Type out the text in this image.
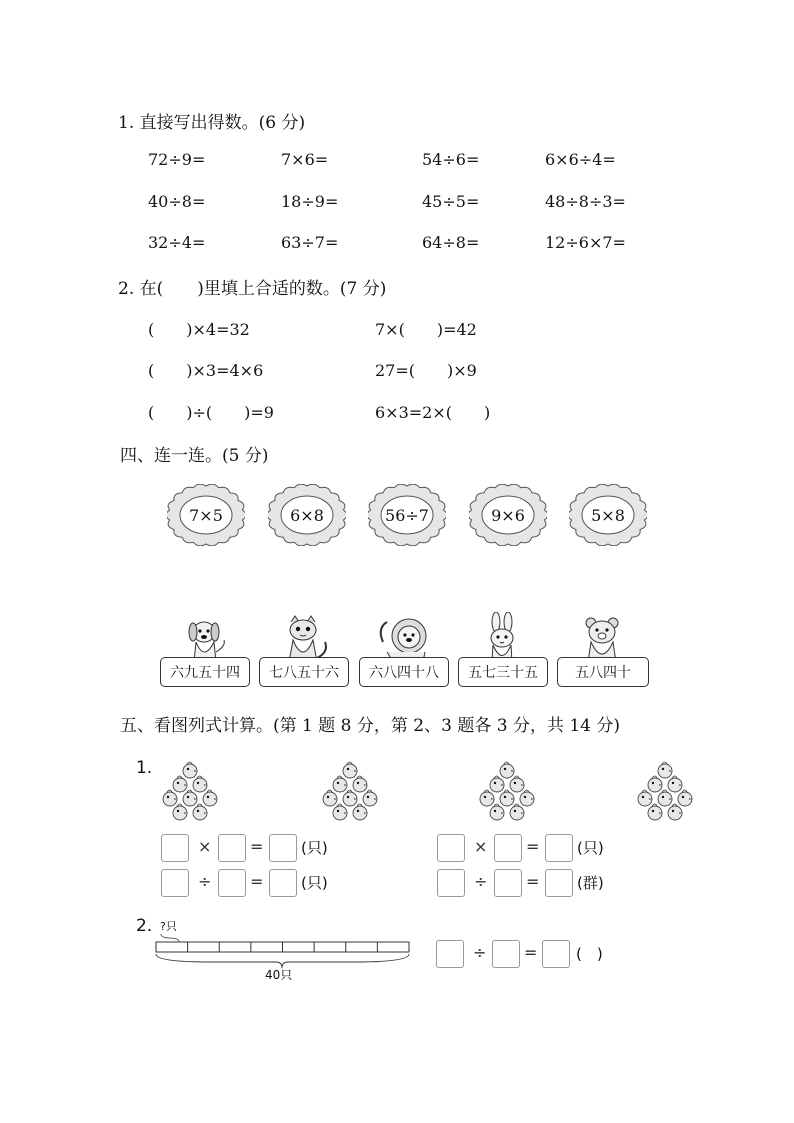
1. 直接写出得数。(6 分)
72÷9=	7×6=	54÷6=	6×6÷4=
40÷8=	18÷9=	45÷5=	48÷8÷3=
32÷4=	63÷7=	64÷8=	12÷6×7=
2. 在(　　)里填上合适的数。(7 分)
(　　)×4=32	7×(　　)=42
(　　)×3=4×6	27=(　　)×9
(　　)÷(　　)=9	6×3=2×(　　)
四、连一连。(5 分)
7×5	6×8	56÷7	9×6	5×8
六九五十四	七八五十六	六八四十八	五七三十五	五八四十
五、看图列式计算。(第 1 题 8 分，第 2、3 题各 3 分，共 14 分)
1.
× =	(只)
÷ =	(只)
× =	(只)
÷ =	(群)
2. ?只
40只
÷ =	(　)
